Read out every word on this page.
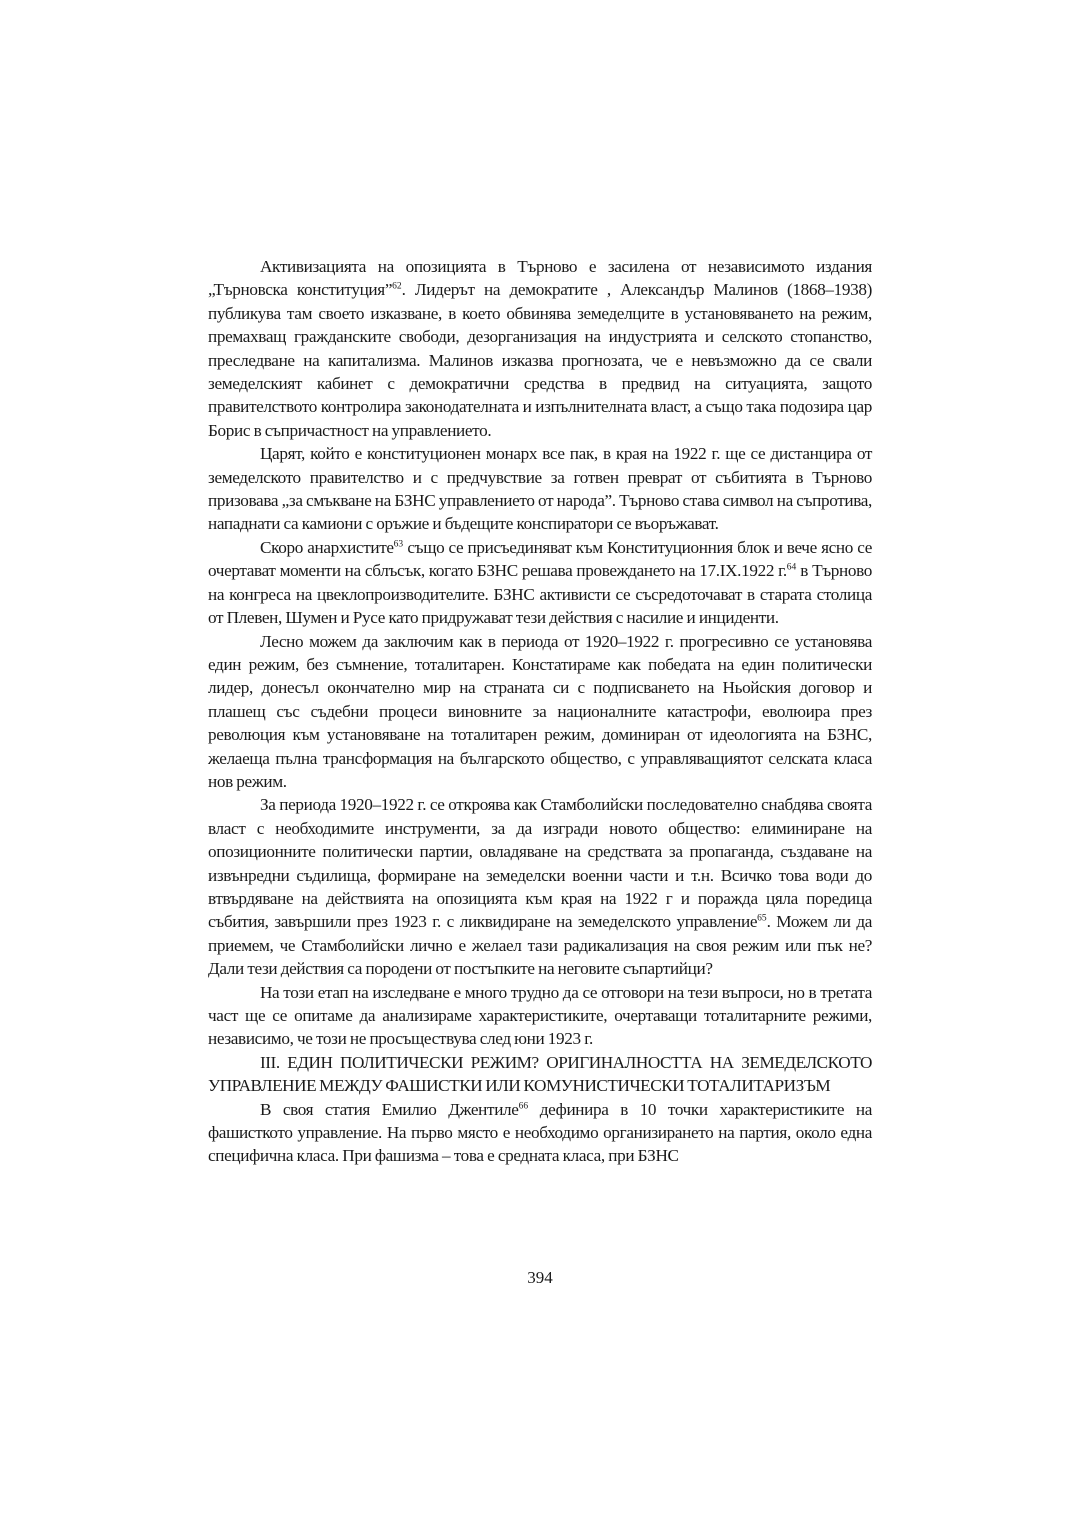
Активизацията на опозицията в Търново е засилена от независимото издания „Търновска конституция”$^{62}$. Лидерът на демократите , Александър Малинов (1868–1938) публикува там своето изказване, в което обвинява земеделците в установяването на режим, премахващ гражданските свободи, дезорганизация на индустрията и селското стопанство, преследване на капитализма. Малинов изказва прогнозата, че е невъзможно да се свали земеделският кабинет с демократични средства в предвид на ситуацията, защото правителството контролира законодателната и изпълнителната власт, а също така подозира цар Борис в съпричастност на управлението.

Царят, който е конституционен монарх все пак, в края на 1922 г. ще се дистанцира от земеделското правителство и с предчувствие за готвен преврат от събитията в Търново призовава „за смъкване на БЗНС управлението от народа”. Търново става символ на съпротива, нападнати са камиони с оръжие и бъдещите конспиратори се въоръжават.

Скоро анархистите$^{63}$ също се присъединяват към Конституционния блок и вече ясно се очертават моменти на сблъсък, когато БЗНС решава провеждането на 17.IX.1922 г.$^{64}$ в Търново на конгреса на цвеклопроизводителите. БЗНС активисти се съсредоточават в старата столица от Плевен, Шумен и Русе като придружават тези действия с насилие и инциденти.

Лесно можем да заключим как в периода от 1920–1922 г. прогресивно се установява един режим, без съмнение, тоталитарен. Констатираме как победата на един политически лидер, донесъл окончателно мир на страната си с подписването на Ньойския договор и плашещ със съдебни процеси виновните за националните катастрофи, еволюира през революция към установяване на тоталитарен режим, доминиран от идеологията на БЗНС, желаеща пълна трансформация на българското общество, с управляващиятот селската класа нов режим.

За периода 1920–1922 г. се откроява как Стамболийски последователно снабдява своята власт с необходимите инструменти, за да изгради новото общество: елиминиране на опозиционните политически партии, овладяване на средствата за пропаганда, създаване на извънредни съдилища, формиране на земеделски военни части и т.н. Всичко това води до втвърдяване на действията на опозицията към края на 1922 г и поражда цяла поредица събития, завършили през 1923 г. с ликвидиране на земеделското управление$^{65}$. Можем ли да приемем, че Стамболийски лично е желаел тази радикализация на своя режим или пък не? Дали тези действия са породени от постъпките на неговите съпартийци?

На този етап на изследване е много трудно да се отговори на тези въпроси, но в третата част ще се опитаме да анализираме характеристиките, очертаващи тоталитарните режими, независимо, че този не просъществува след юни 1923 г.

III. ЕДИН ПОЛИТИЧЕСКИ РЕЖИМ? ОРИГИНАЛНОСТТА НА ЗЕМЕДЕЛСКОТО УПРАВЛЕНИЕ МЕЖДУ ФАШИСТКИ ИЛИ КОМУНИСТИЧЕСКИ ТОТАЛИТАРИЗЪМ

В своя статия Емилио Джентиле$^{66}$ дефинира в 10 точки характеристиките на фашисткото управление. На първо място е необходимо организирането на партия, около една специфична класа. При фашизма – това е средната класа, при БЗНС

394
